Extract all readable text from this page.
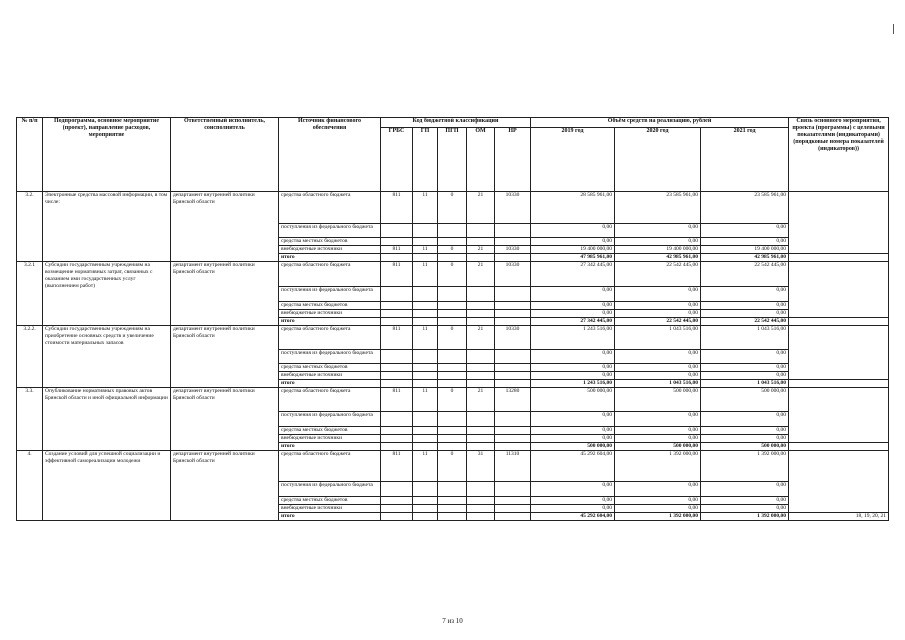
№ п/п	Подпрограмма, основное мероприятие (проект), направление расходов, мероприятие	Ответственный исполнитель, соисполнитель	Источник финансового обеспечения	Код бюджетной классификации					Объём средств на реализацию, рублей			Связь основного мероприятия, проекта (программы) с целевыми показателями (индикаторами) (порядковые номера показателей (индикаторов))
				ГРБС	ГП	ПГП	ОМ	НР	2019 год	2020 год	2021 год	
3.2.	Электронные средства массовой информации, в том числе:	департамент внутренней политики Брянской области	средства областного бюджета	811	11	0	21	10330	28 585 961,00	23 585 961,00	23 585 961,00	
			поступления из федерального бюджета						0,00	0,00	0,00	
			средства местных бюджетов						0,00	0,00	0,00	
			внебюджетные источники	811	11	0	21	10330	19 400 000,00	19 400 000,00	19 400 000,00	
			итого						47 985 961,00	42 985 961,00	42 985 961,00	
3.2.1	Субсидии государственным учреждениям на возмещение нормативных затрат, связанных с оказанием ими государственных услуг (выполнением работ)	департамент внутренней политики Брянской области	средства областного бюджета	811	11	0	21	10330	27 342 445,00	22 542 445,00	22 542 445,00	
			поступления из федерального бюджета						0,00	0,00	0,00	
			средства местных бюджетов						0,00	0,00	0,00	
			внебюджетные источники						0,00	0,00	0,00	
			итого						27 342 445,00	22 542 445,00	22 542 445,00	
3.2.2.	Субсидии государственным учреждениям на приобретение основных средств и увеличение стоимости материальных запасов	департамент внутренней политики Брянской области	средства областного бюджета	811	11	0	21	10330	1 243 516,00	1 043 516,00	1 043 516,00	
			поступления из федерального бюджета						0,00	0,00	0,00	
			средства местных бюджетов						0,00	0,00	0,00	
			внебюджетные источники						0,00	0,00	0,00	
			итого						1 243 516,00	1 043 516,00	1 043 516,00	
3.3.	Опубликование нормативных правовых актов Брянской области и иной официальной информации	департамент внутренней политики Брянской области	средства областного бюджета	811	11	0	21	13280	500 000,00	500 000,00	500 000,00	
			поступления из федерального бюджета						0,00	0,00	0,00	
			средства местных бюджетов						0,00	0,00	0,00	
			внебюджетные источники						0,00	0,00	0,00	
			итого						500 000,00	500 000,00	500 000,00	
4.	Создание условий для успешной социализации и эффективной самореализации молодежи	департамент внутренней политики Брянской области	средства областного бюджета	811	11	0	31	11310	45 292 604,00	1 392 000,00	1 392 000,00	
			поступления из федерального бюджета						0,00	0,00	0,00	
			средства местных бюджетов						0,00	0,00	0,00	
			внебюджетные источники						0,00	0,00	0,00	
			итого						45 292 604,00	1 392 000,00	1 392 000,00	18, 19, 20, 21
7 из 10
